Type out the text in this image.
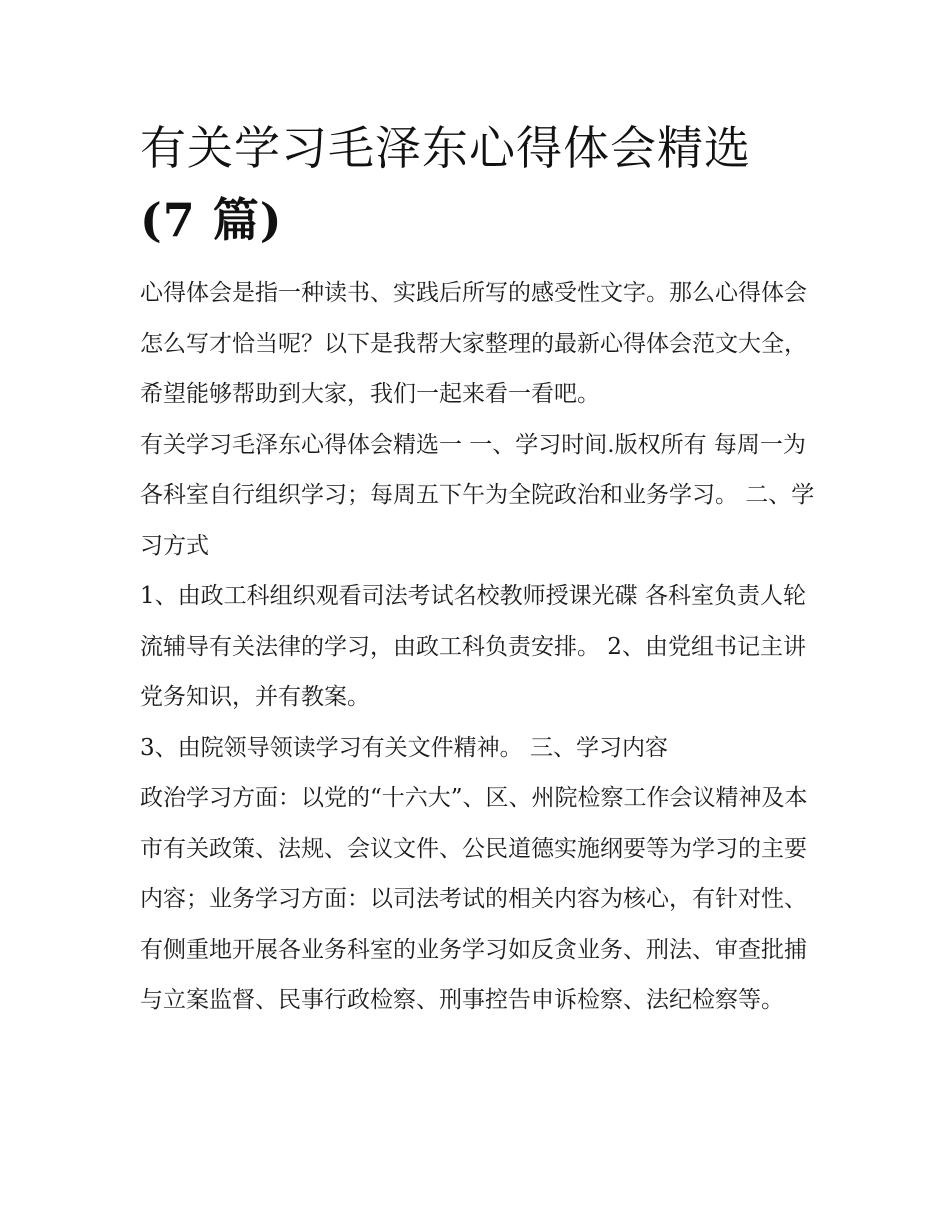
有关学习毛泽东心得体会精选
(7 篇)

心得体会是指一种读书、实践后所写的感受性文字。那么心得体会怎么写才恰当呢？以下是我帮大家整理的最新心得体会范文大全，希望能够帮助到大家，我们一起来看一看吧。

有关学习毛泽东心得体会精选一 一、学习时间.版权所有 每周一为各科室自行组织学习；每周五下午为全院政治和业务学习。 二、学习方式

1、由政工科组织观看司法考试名校教师授课光碟 各科室负责人轮流辅导有关法律的学习，由政工科负责安排。 2、由党组书记主讲党务知识，并有教案。

3、由院领导领读学习有关文件精神。 三、学习内容

政治学习方面：以党的“十六大”、区、州院检察工作会议精神及本市有关政策、法规、会议文件、公民道德实施纲要等为学习的主要内容；业务学习方面：以司法考试的相关内容为核心，有针对性、有侧重地开展各业务科室的业务学习如反贪业务、刑法、审查批捕与立案监督、民事行政检察、刑事控告申诉检察、法纪检察等。
